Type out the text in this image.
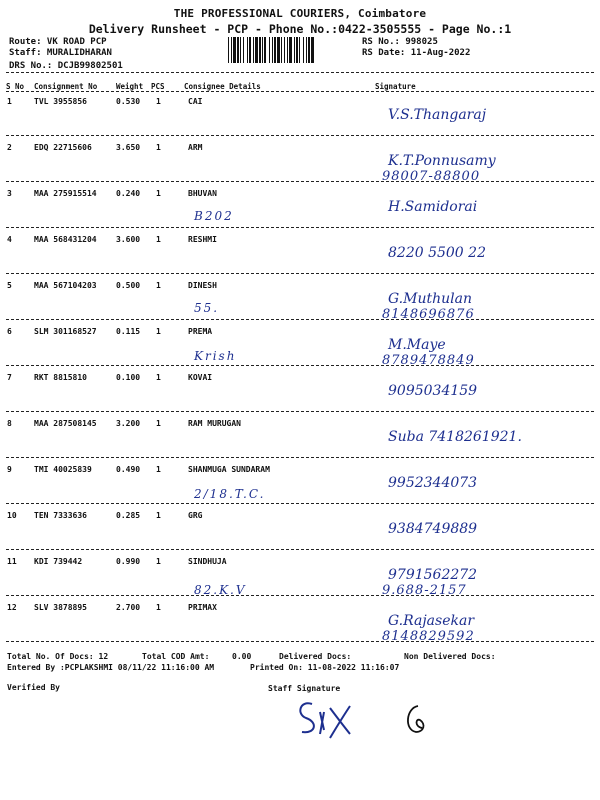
THE PROFESSIONAL COURIERS, Coimbatore
Delivery Runsheet - PCP - Phone No.:0422-3505555 - Page No.:1
Route: VK ROAD PCP
Staff: MURALIDHARAN
DRS No.: DCJB99802501
RS No.: 998025
RS Date: 11-Aug-2022
S No Consignment No	Weight PCS	Consignee Details	Signature
1	TVL 3955856	0.530 1	CAI
V.S.Thangaraj
2	EDQ 22715606	3.650 1	ARM
K.T.Ponnusamy
98007-88800
3	MAA 275915514 0.240 1	BHUVAN
B202
H.Samidorai
4	MAA 568431204 3.600 1	RESHMI
8220 5500 22
5	MAA 567104203 0.500 1	DINESH
55.
G.Muthulan
8148696876
6	SLM 301168527 0.115 1	PREMA
Krish
M.Maye
8789478849
7	RKT 8815810	0.100 1	KOVAI
9095034159
8	MAA 287508145 3.200 1	RAM MURUGAN
Suba 7418261921.
9	TMI 40025839	0.490 1	SHANMUGA SUNDARAM
2/18.T.C.
9952344073
10 TEN 7333636	0.285 1	GRG
9384749889
11 KDI 739442	0.990 1	SINDHUJA
82.K.V
9791562272
9.688-2157
12 SLV 3878895	2.700 1	PRIMAX
G.Rajasekar
8148829592
Total No. Of Docs: 12	Total COD Amt:	0.00	Delivered Docs:	Non Delivered Docs:
Entered By :PCPLAKSHMI 08/11/22 11:16:00 AM	Printed On: 11-08-2022 11:16:07
Verified By	Staff Signature
